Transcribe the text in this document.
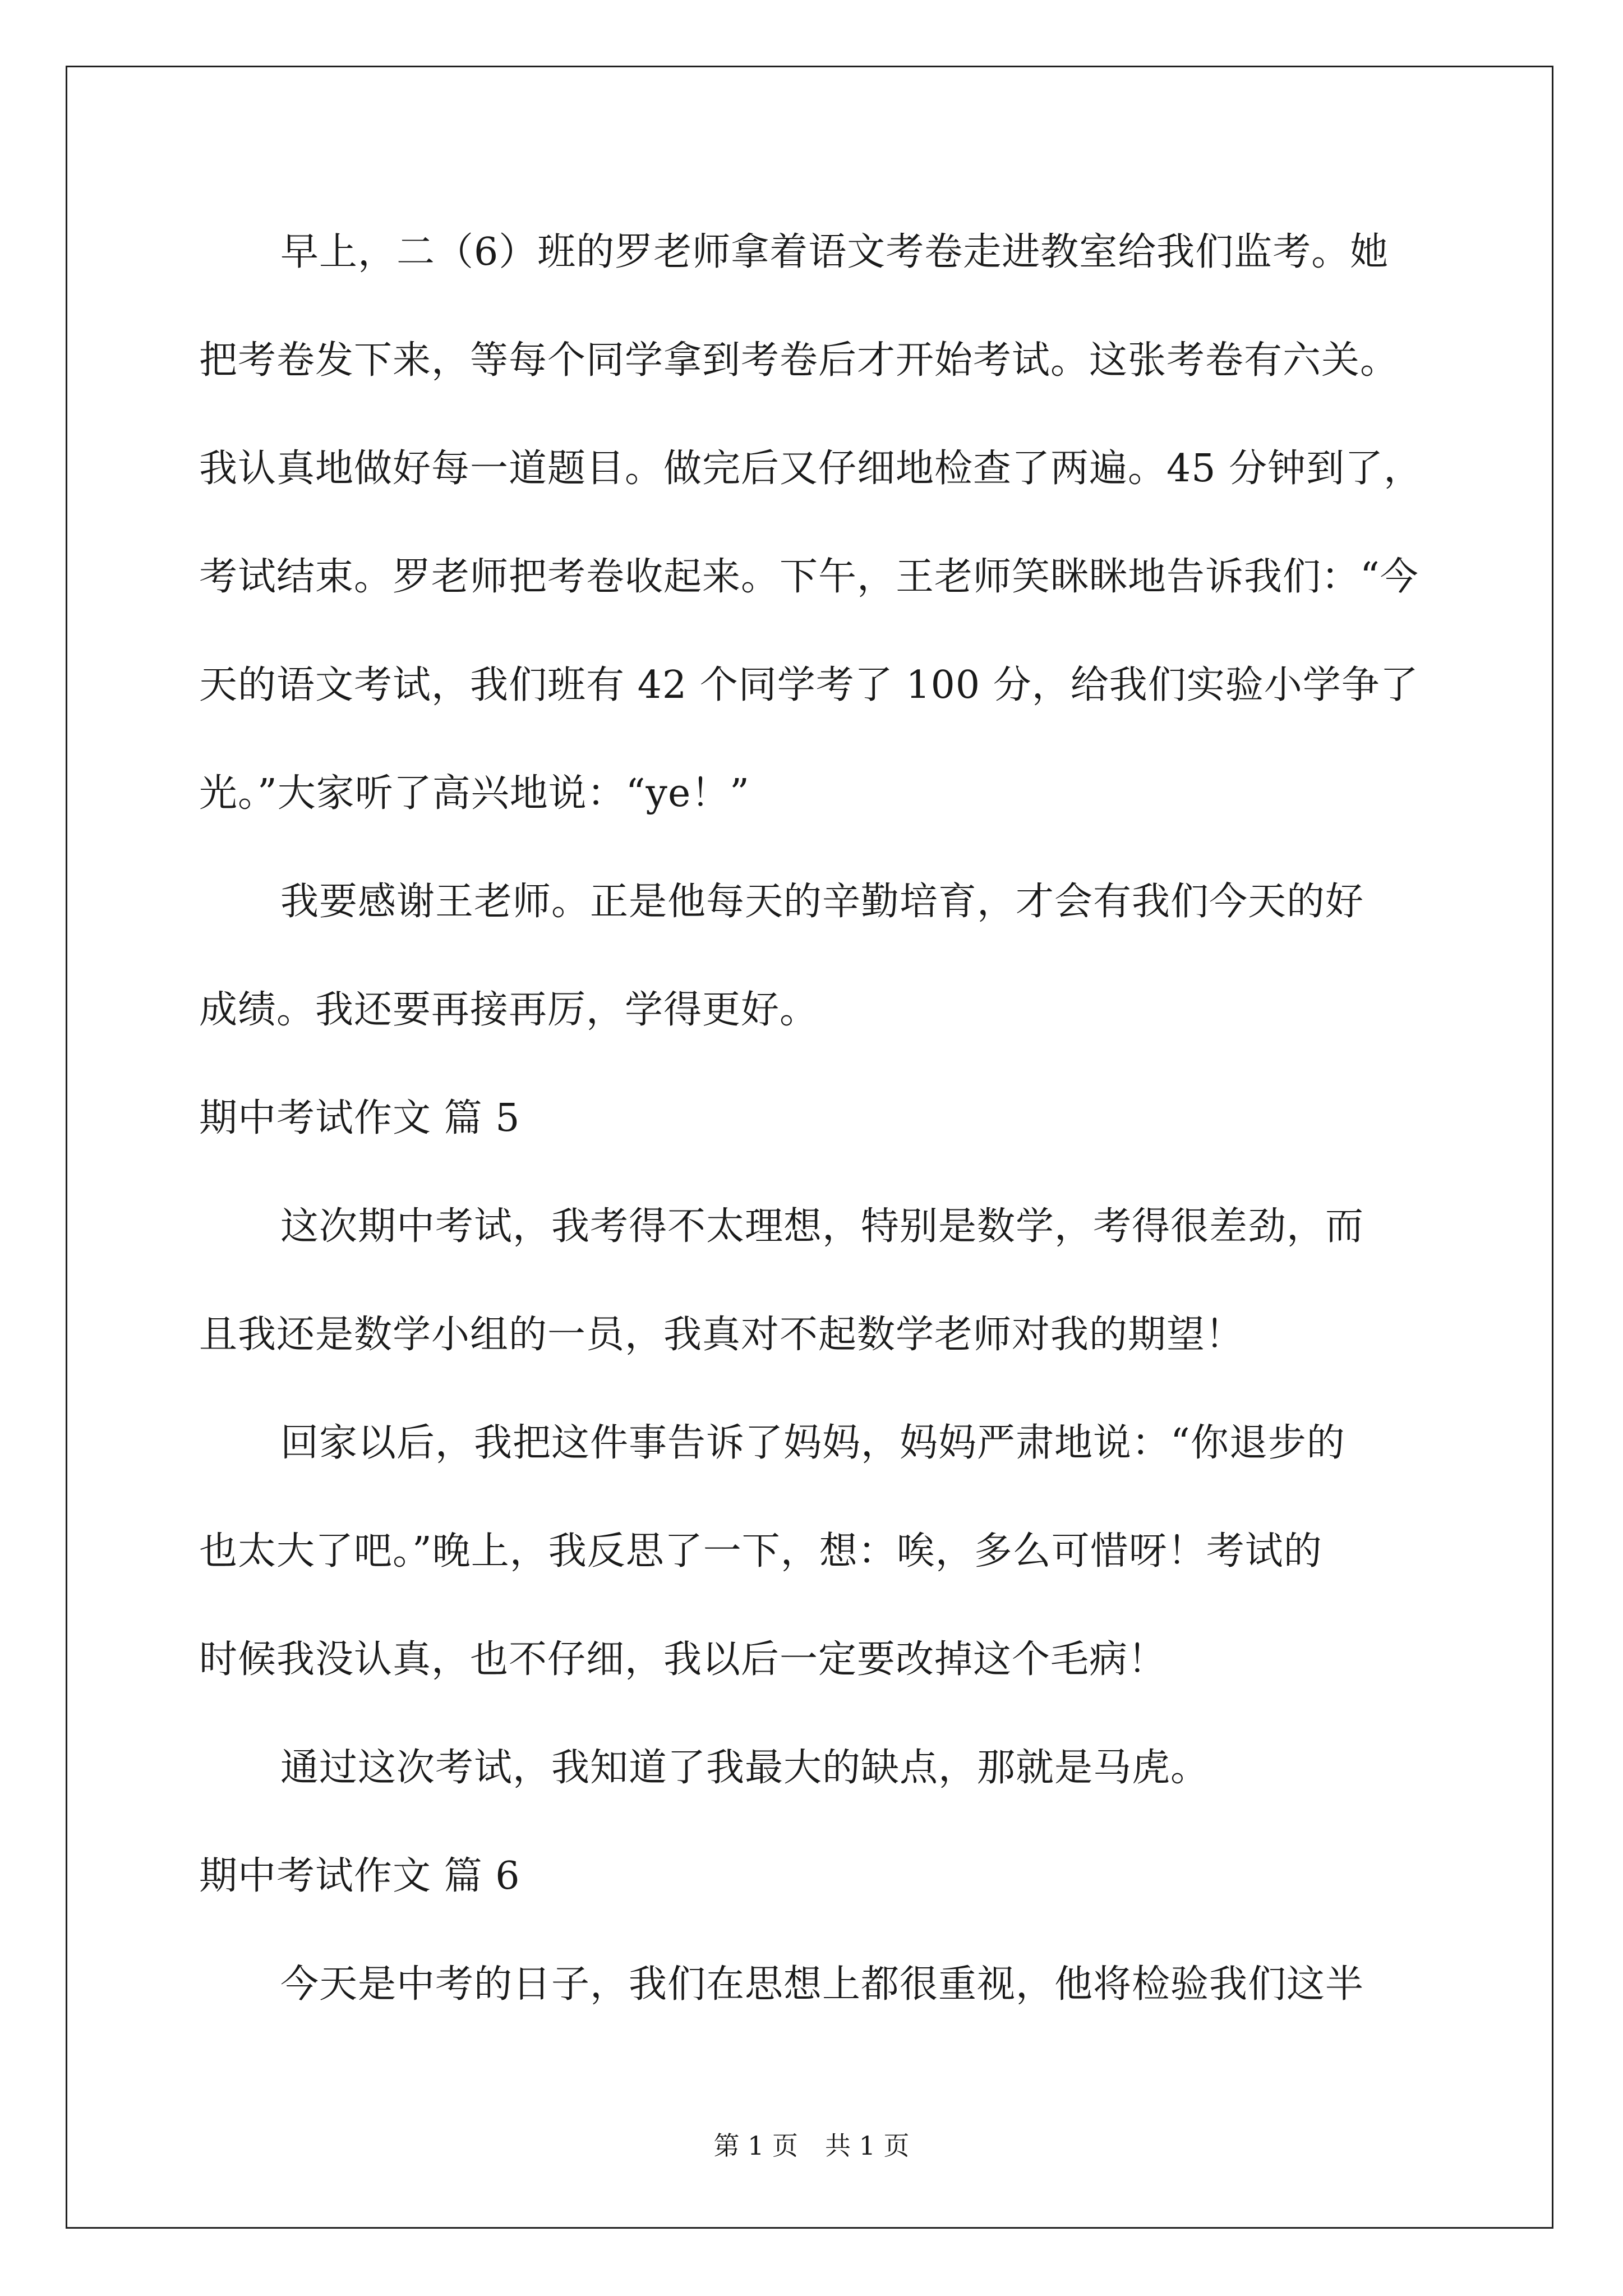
早上，二（6）班的罗老师拿着语文考卷走进教室给我们监考。她
把考卷发下来，等每个同学拿到考卷后才开始考试。这张考卷有六关。
我认真地做好每一道题目。做完后又仔细地检查了两遍。45 分钟到了，
考试结束。罗老师把考卷收起来。下午，王老师笑眯眯地告诉我们：“今
天的语文考试，我们班有 42 个同学考了 100 分，给我们实验小学争了
光。”大家听了高兴地说：“ye！”
我要感谢王老师。正是他每天的辛勤培育，才会有我们今天的好
成绩。我还要再接再厉，学得更好。
期中考试作文 篇 5
这次期中考试，我考得不太理想，特别是数学，考得很差劲，而
且我还是数学小组的一员，我真对不起数学老师对我的期望！
回家以后，我把这件事告诉了妈妈，妈妈严肃地说：“你退步的
也太大了吧。”晚上，我反思了一下，想：唉，多么可惜呀！考试的
时候我没认真，也不仔细，我以后一定要改掉这个毛病！
通过这次考试，我知道了我最大的缺点，那就是马虎。
期中考试作文 篇 6
今天是中考的日子，我们在思想上都很重视，他将检验我们这半
第 1 页 共 1 页
